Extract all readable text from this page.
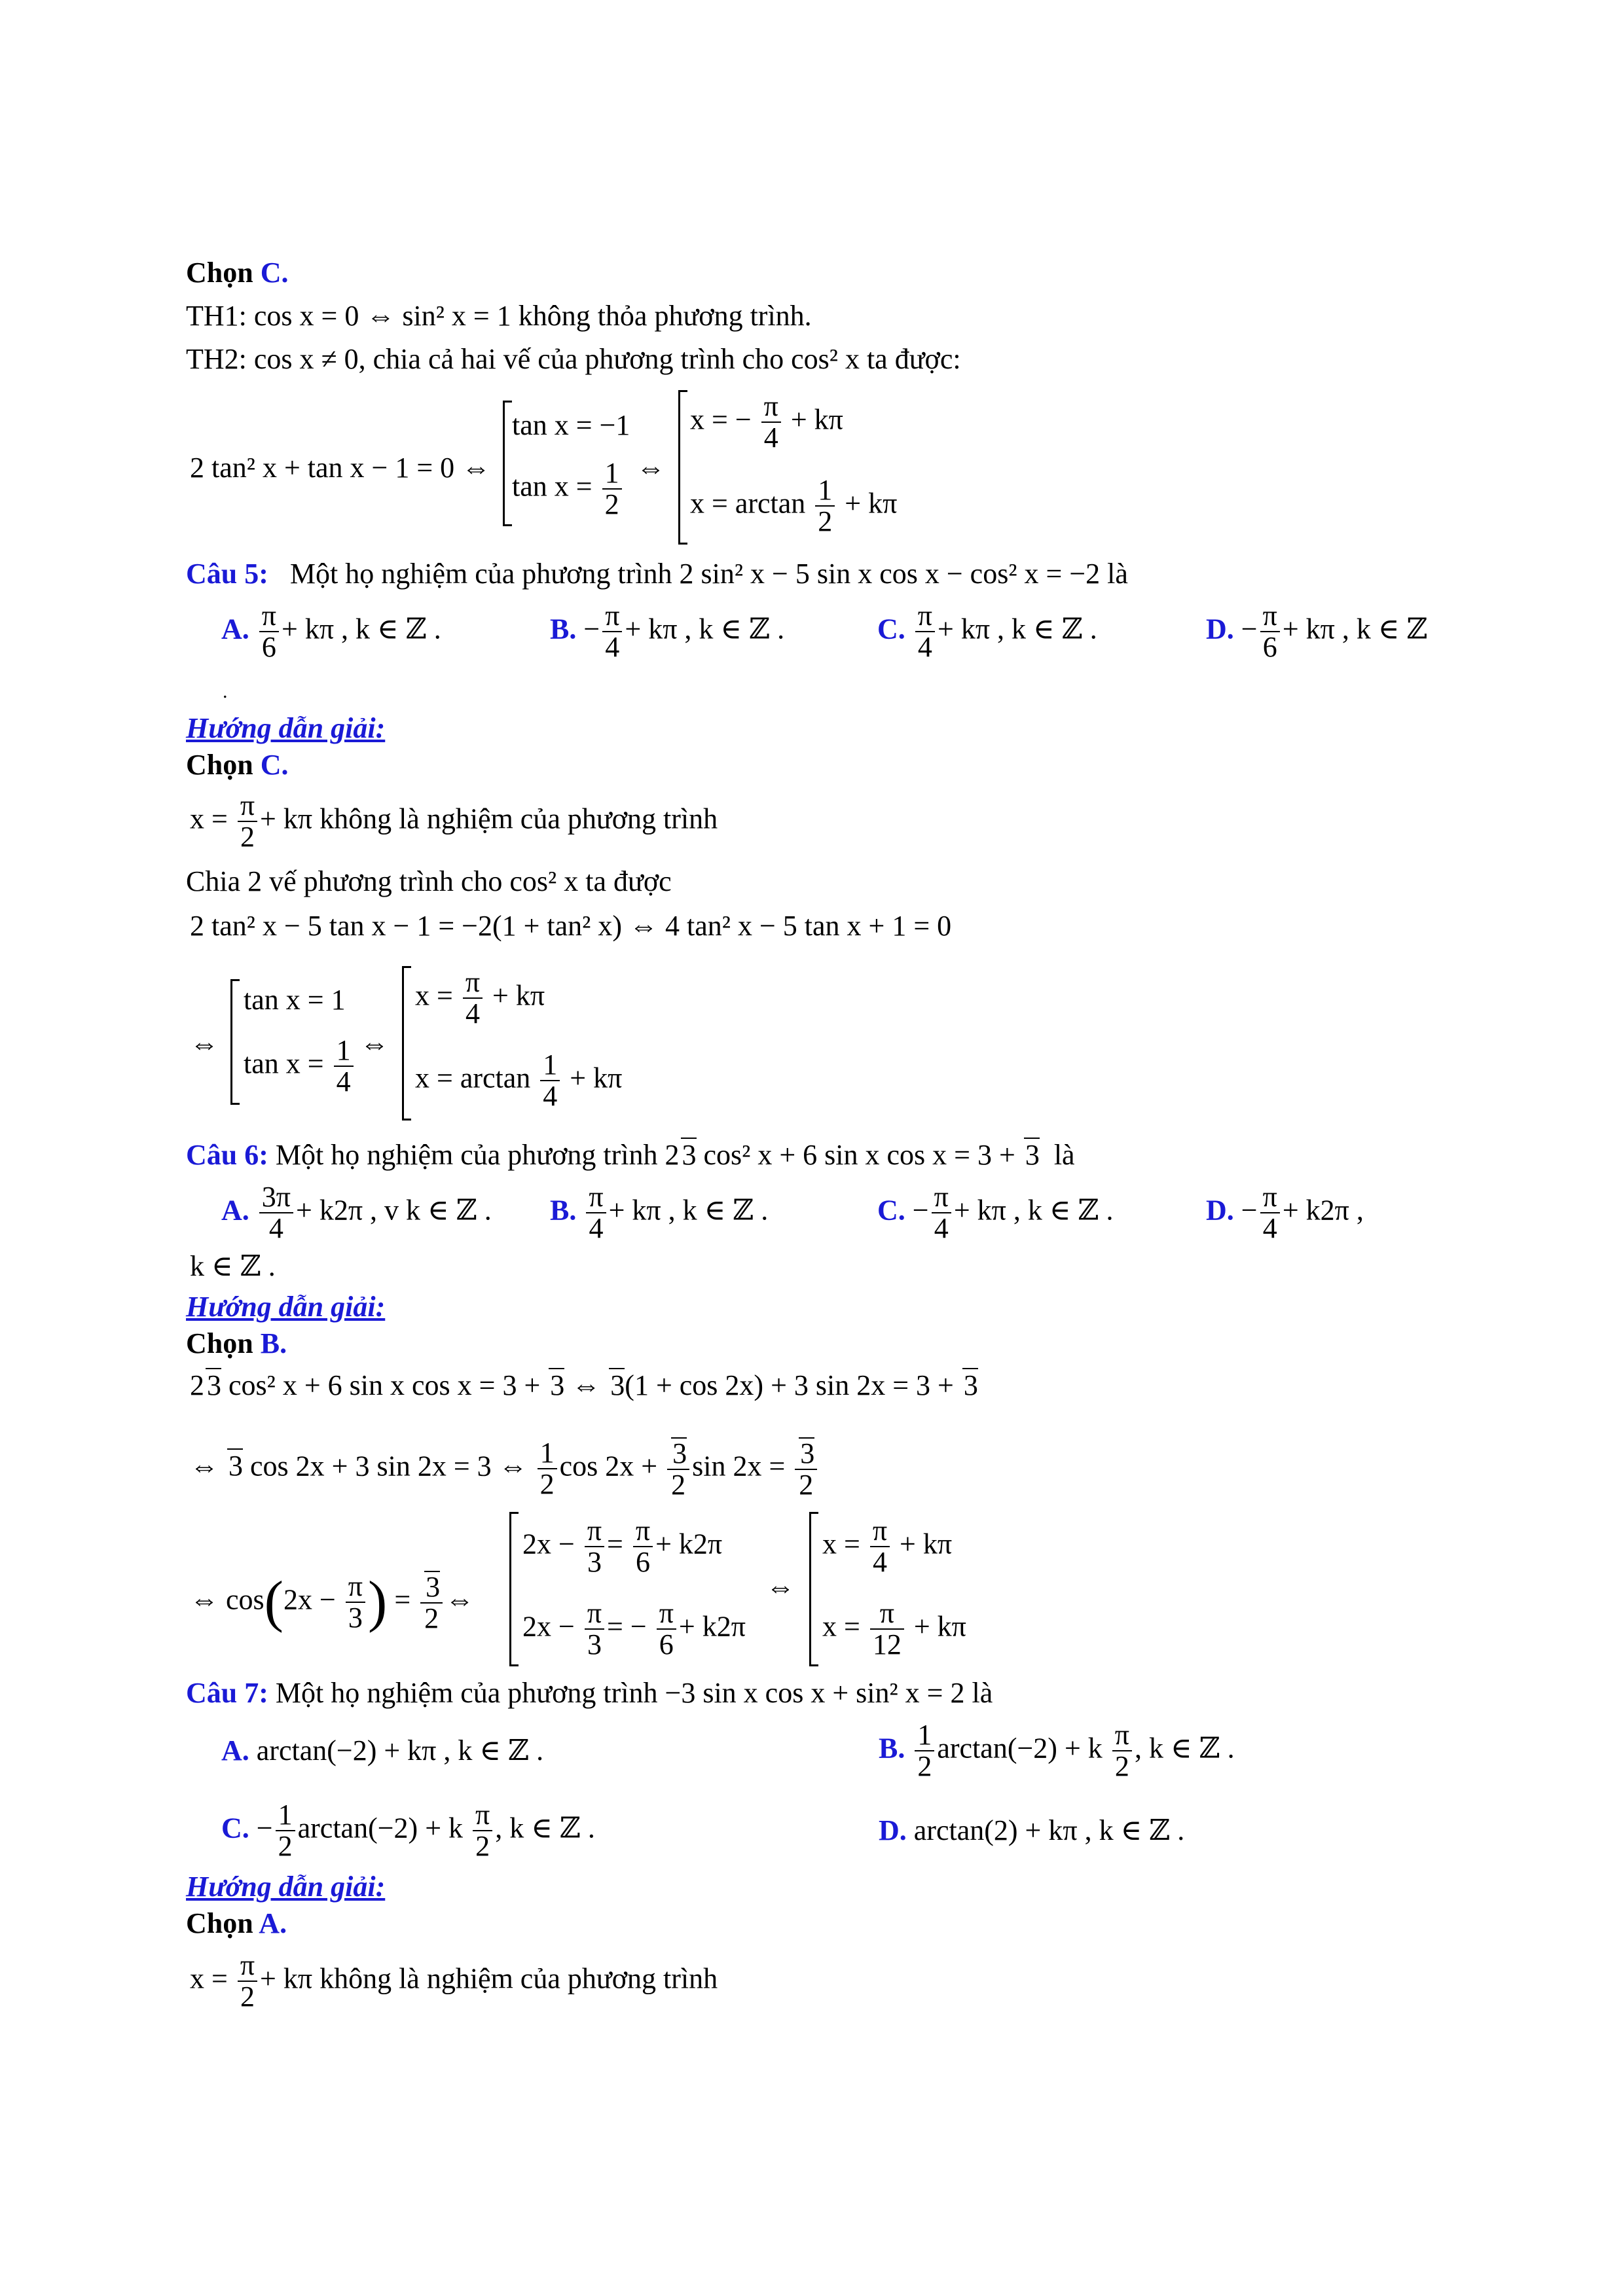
Chọn C.
TH1: cos x = 0 ⇔ sin² x = 1 không thỏa phương trình.
TH2: cos x ≠ 0, chia cả hai vế của phương trình cho cos² x ta được:
2 tan² x + tan x − 1 = 0 ⇔
tan x = −1
$\tan x = \frac{1}{2}$ ⇔
x = − $\frac{\pi}{4} + k\pi$
$x = \arctan \frac{1}{2} + k\pi$
Câu 5: Một họ nghiệm của phương trình 2 sin² x − 5 sin x cos x − cos² x = −2 là
A. $\frac{\pi}{6} + k\pi$ , k ∈ ℤ .	B. − $\frac{\pi}{4} + k\pi$ , k ∈ ℤ .	C. $\frac{\pi}{4} + k\pi$ , k ∈ ℤ .	D. − $\frac{\pi}{6} + k\pi$ , k ∈ ℤ
.
Hướng dẫn giải:
Chọn C.
$x = \frac{\pi}{2} + k\pi$ không là nghiệm của phương trình
Chia 2 vế phương trình cho cos² x ta được
2 tan² x − 5 tan x − 1 = −2(1 + tan² x) ⇔ 4 tan² x − 5 tan x + 1 = 0
⇔
tan x = 1
$\tan x = \frac{1}{4}$ ⇔
$x = \frac{\pi}{4} + k\pi$
$x = \arctan \frac{1}{4} + k\pi$
Câu 6: Một họ nghiệm của phương trình 23 cos² x + 6 sin x cos x = 3 + 3 là
A. $\frac{3\pi}{4} + k2\pi$ , v k ∈ ℤ . B. $\frac{\pi}{4} + k\pi$ , k ∈ ℤ .	C. − $\frac{\pi}{4} + k\pi$ , k ∈ ℤ .	D. − $\frac{\pi}{4} + k2\pi$ ,
k ∈ ℤ .
Hướng dẫn giải:
Chọn B.
23 cos² x + 6 sin x cos x = 3 + 3 ⇔ 3(1 + cos 2x) + 3 sin 2x = 3 + 3
⇔ 3 cos 2x + 3 sin 2x = 3 ⇔ $\frac{1}{2}$ $\cos 2x + \frac{3}{2}$ $\sin 2x = \frac{3}{2}$
⇔ $\cos(2x - \frac{\pi}{3}$ ) = $\frac{3}{2}$ ⇔
$2x - \frac{\pi}{3} = \frac{\pi}{6} + k2\pi$
$2x - \frac{\pi}{3}$ = − $\frac{\pi}{6} + k2\pi$
⇔
$x = \frac{\pi}{4} + k\pi$
$x = \frac{\pi}{12} + k\pi$
Câu 7: Một họ nghiệm của phương trình −3 sin x cos x + sin² x = 2 là
A. arctan(−2) + kπ , k ∈ ℤ .	B. $\frac{1}{2} \arctan(-2) + k \frac{\pi}{2}$ , k ∈ ℤ .
C. − $\frac{1}{2} \arctan(-2) + k \frac{\pi}{2}$ , k ∈ ℤ .	D. arctan(2) + kπ , k ∈ ℤ .
Hướng dẫn giải:
Chọn A.
$x = \frac{\pi}{2} + k\pi$ không là nghiệm của phương trình
